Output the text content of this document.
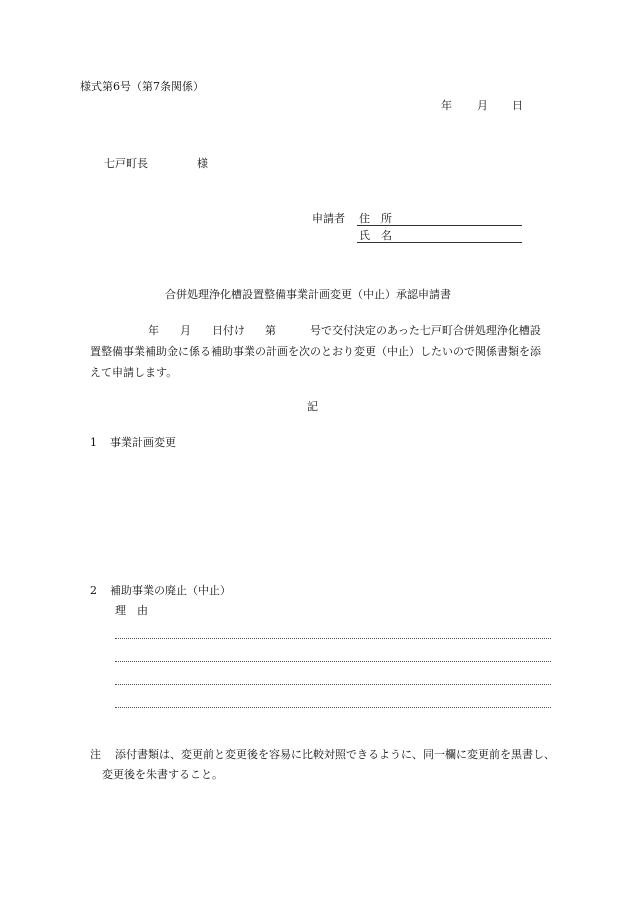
様式第6号（第7条関係）
年 月 日
七戸町長	様
申請者 住　所
氏　名
合併処理浄化槽設置整備事業計画変更（中止）承認申請書
年 月 日付け 第	号で交付決定のあった七戸町合併処理浄化槽設置整備事業補助金に係る補助事業の計画を次のとおり変更（中止）したいので関係書類を添えて申請します。
記
1 事業計画変更
2 補助事業の廃止（中止）
理　由
注 添付書類は、変更前と変更後を容易に比較対照できるように、同一欄に変更前を黒書し、変更後を朱書すること。
